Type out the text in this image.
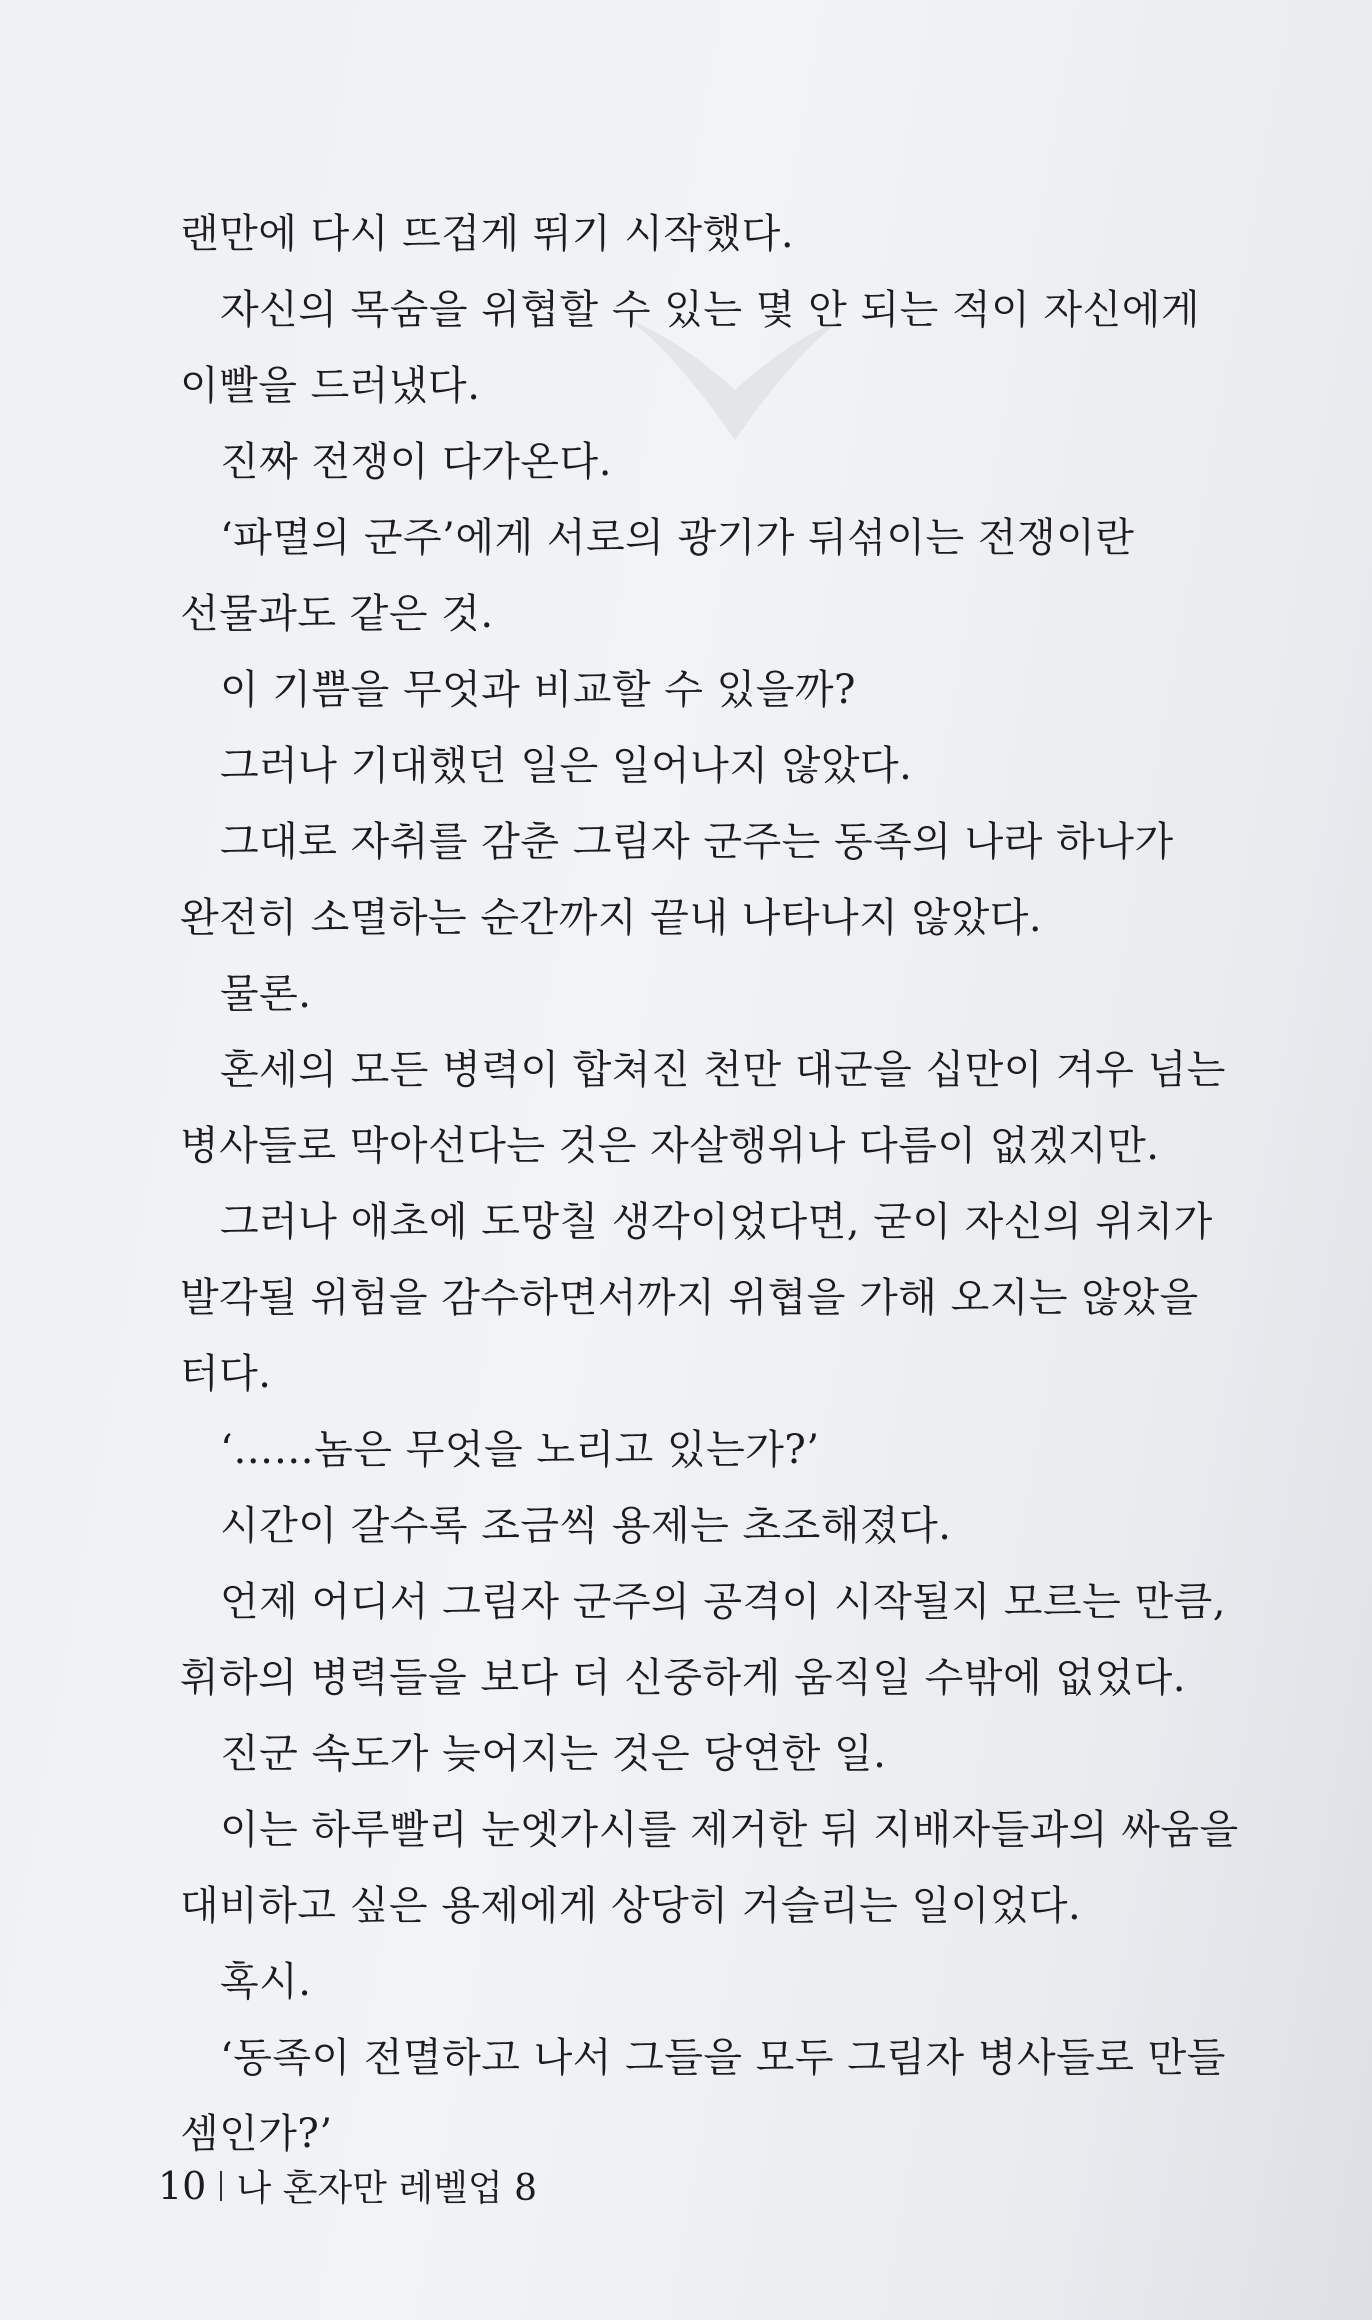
랜만에 다시 뜨겁게 뛰기 시작했다.

자신의 목숨을 위협할 수 있는 몇 안 되는 적이 자신에게 이빨을 드러냈다.

진짜 전쟁이 다가온다.

‘파멸의 군주’에게 서로의 광기가 뒤섞이는 전쟁이란 선물과도 같은 것.

이 기쁨을 무엇과 비교할 수 있을까?

그러나 기대했던 일은 일어나지 않았다.

그대로 자취를 감춘 그림자 군주는 동족의 나라 하나가 완전히 소멸하는 순간까지 끝내 나타나지 않았다.

물론.

혼세의 모든 병력이 합쳐진 천만 대군을 십만이 겨우 넘는 병사들로 막아선다는 것은 자살행위나 다름이 없겠지만.

그러나 애초에 도망칠 생각이었다면, 굳이 자신의 위치가 발각될 위험을 감수하면서까지 위협을 가해 오지는 않았을 터다.

‘……놈은 무엇을 노리고 있는가?’

시간이 갈수록 조금씩 용제는 초조해졌다.

언제 어디서 그림자 군주의 공격이 시작될지 모르는 만큼, 휘하의 병력들을 보다 더 신중하게 움직일 수밖에 없었다.

진군 속도가 늦어지는 것은 당연한 일.

이는 하루빨리 눈엣가시를 제거한 뒤 지배자들과의 싸움을 대비하고 싶은 용제에게 상당히 거슬리는 일이었다.

혹시.

‘동족이 전멸하고 나서 그들을 모두 그림자 병사들로 만들 셈인가?’

10 나 혼자만 레벨업 8
